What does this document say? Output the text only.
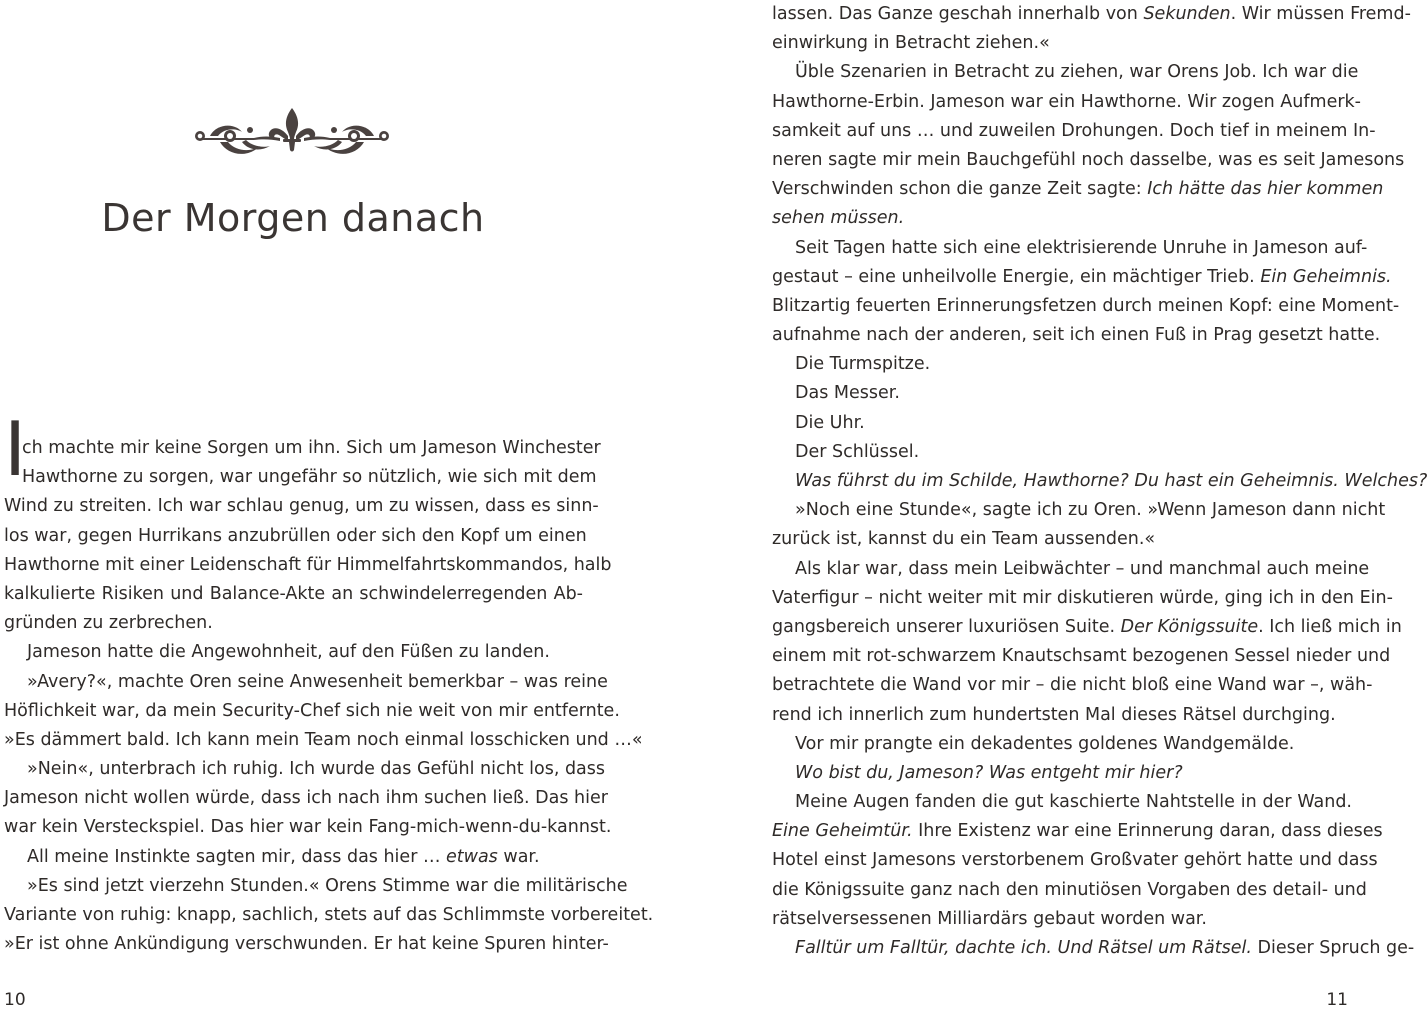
Der Morgen danach
I
ch machte mir keine Sorgen um ihn. Sich um Jameson Winchester
Hawthorne zu sorgen, war ungefähr so nützlich, wie sich mit dem
Wind zu streiten. Ich war schlau genug, um zu wissen, dass es sinn-
los war, gegen Hurrikans anzubrüllen oder sich den Kopf um einen
Hawthorne mit einer Leidenschaft für Himmelfahrtskommandos, halb
kalkulierte Risiken und Balance-Akte an schwindelerregenden Ab-
gründen zu zerbrechen.
Jameson hatte die Angewohnheit, auf den Füßen zu landen.
»Avery?«, machte Oren seine Anwesenheit bemerkbar – was reine
Höflichkeit war, da mein Security-Chef sich nie weit von mir entfernte.
»Es dämmert bald. Ich kann mein Team noch einmal losschicken und …«
»Nein«, unterbrach ich ruhig. Ich wurde das Gefühl nicht los, dass
Jameson nicht wollen würde, dass ich nach ihm suchen ließ. Das hier
war kein Versteckspiel. Das hier war kein Fang-mich-wenn-du-kannst.
All meine Instinkte sagten mir, dass das hier … etwas war.
»Es sind jetzt vierzehn Stunden.« Orens Stimme war die militärische
Variante von ruhig: knapp, sachlich, stets auf das Schlimmste vorbereitet.
»Er ist ohne Ankündigung verschwunden. Er hat keine Spuren hinter-
10
lassen. Das Ganze geschah innerhalb von Sekunden. Wir müssen Fremd-
einwirkung in Betracht ziehen.«
Üble Szenarien in Betracht zu ziehen, war Orens Job. Ich war die
Hawthorne-Erbin. Jameson war ein Hawthorne. Wir zogen Aufmerk-
samkeit auf uns … und zuweilen Drohungen. Doch tief in meinem In-
neren sagte mir mein Bauchgefühl noch dasselbe, was es seit Jamesons
Verschwinden schon die ganze Zeit sagte: Ich hätte das hier kommen
sehen müssen.
Seit Tagen hatte sich eine elektrisierende Unruhe in Jameson auf-
gestaut – eine unheilvolle Energie, ein mächtiger Trieb. Ein Geheimnis.
Blitzartig feuerten Erinnerungsfetzen durch meinen Kopf: eine Moment-
aufnahme nach der anderen, seit ich einen Fuß in Prag gesetzt hatte.
Die Turmspitze.
Das Messer.
Die Uhr.
Der Schlüssel.
Was führst du im Schilde, Hawthorne? Du hast ein Geheimnis. Welches?
»Noch eine Stunde«, sagte ich zu Oren. »Wenn Jameson dann nicht
zurück ist, kannst du ein Team aussenden.«
Als klar war, dass mein Leibwächter – und manchmal auch meine
Vaterfigur – nicht weiter mit mir diskutieren würde, ging ich in den Ein-
gangsbereich unserer luxuriösen Suite. Der Königssuite. Ich ließ mich in
einem mit rot-schwarzem Knautschsamt bezogenen Sessel nieder und
betrachtete die Wand vor mir – die nicht bloß eine Wand war –, wäh-
rend ich innerlich zum hundertsten Mal dieses Rätsel durchging.
Vor mir prangte ein dekadentes goldenes Wandgemälde.
Wo bist du, Jameson? Was entgeht mir hier?
Meine Augen fanden die gut kaschierte Nahtstelle in der Wand.
Eine Geheimtür. Ihre Existenz war eine Erinnerung daran, dass dieses
Hotel einst Jamesons verstorbenem Großvater gehört hatte und dass
die Königssuite ganz nach den minutiösen Vorgaben des detail- und
rätselversessenen Milliardärs gebaut worden war.
Falltür um Falltür, dachte ich. Und Rätsel um Rätsel. Dieser Spruch ge-
11
